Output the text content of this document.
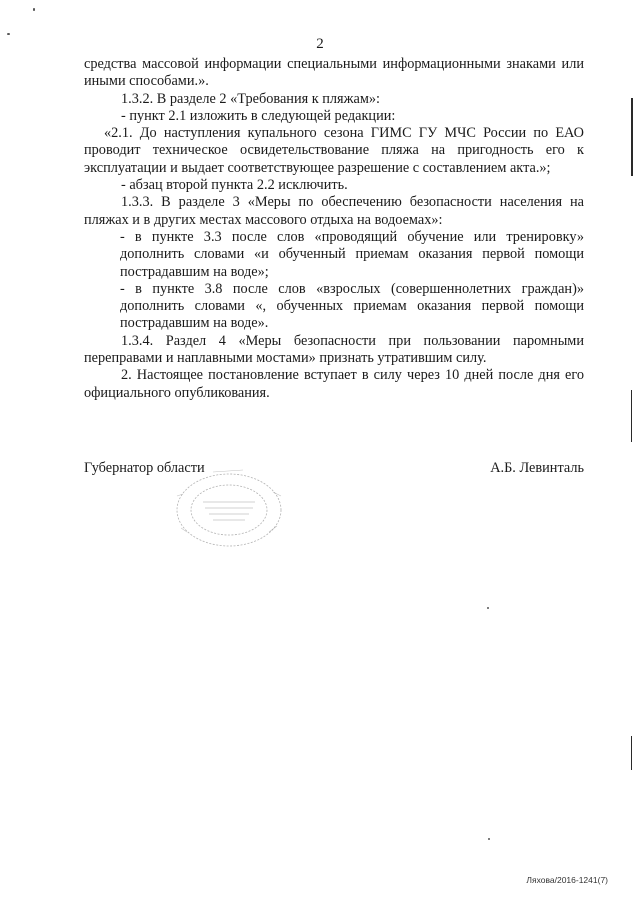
2

средства массовой информации специальными информационными знаками или иными способами.».

1.3.2. В разделе 2 «Требования к пляжам»:

- пункт 2.1 изложить в следующей редакции:

«2.1. До наступления купального сезона ГИМС ГУ МЧС России по ЕАО проводит техническое освидетельствование пляжа на пригодность его к эксплуатации и выдает соответствующее разрешение с составлением акта.»;

- абзац второй пункта 2.2 исключить.

1.3.3. В разделе 3 «Меры по обеспечению безопасности населения на пляжах и в других местах массового отдыха на водоемах»:

- в пункте 3.3 после слов «проводящий обучение или тренировку» дополнить словами «и обученный приемам оказания первой помощи пострадавшим на воде»;

- в пункте 3.8 после слов «взрослых (совершеннолетних граждан)» дополнить словами «, обученных приемам оказания первой помощи пострадавшим на воде».

1.3.4. Раздел 4 «Меры безопасности при пользовании паромными переправами и наплавными мостами» признать утратившим силу.

2. Настоящее постановление вступает в силу через 10 дней после дня его официального опубликования.

Губернатор области	А.Б. Левинталь
Ляхова/2016-1241(7)
